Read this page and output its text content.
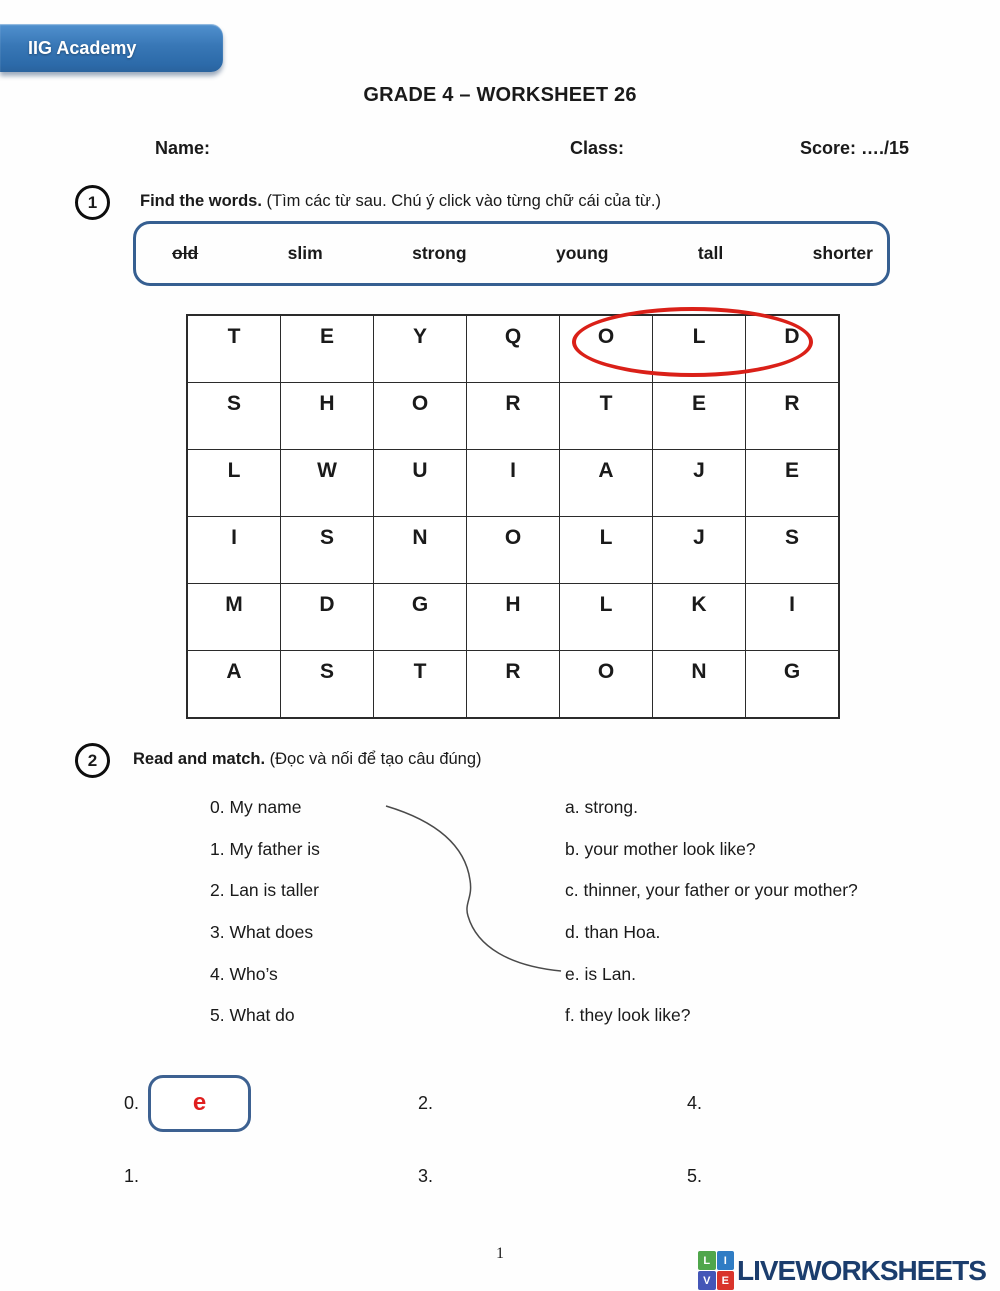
IIG Academy
GRADE 4 – WORKSHEET 26
Name:	Class:	Score: …./15
1	Find the words. (Tìm các từ sau. Chú ý click vào từng chữ cái của từ.)
old	slim	strong	young	tall	shorter
T	E	Y	Q	O	L	D
S	H	O	R	T	E	R
L	W	U	I	A	J	E
I	S	N	O	L	J	S
M	D	G	H	L	K	I
A	S	T	R	O	N	G
2 Read and match. (Đọc và nối để tạo câu đúng)
0. My name
1. My father is
2. Lan is taller
3. What does
4. Who’s
5. What do
a. strong.
b. your mother look like?
c. thinner, your father or your mother?
d. than Hoa.
e. is Lan.
f. they look like?
0.	e	2.	4.
1.	3.	5.
1	L	I
V	E LIVEWORKSHEETS
